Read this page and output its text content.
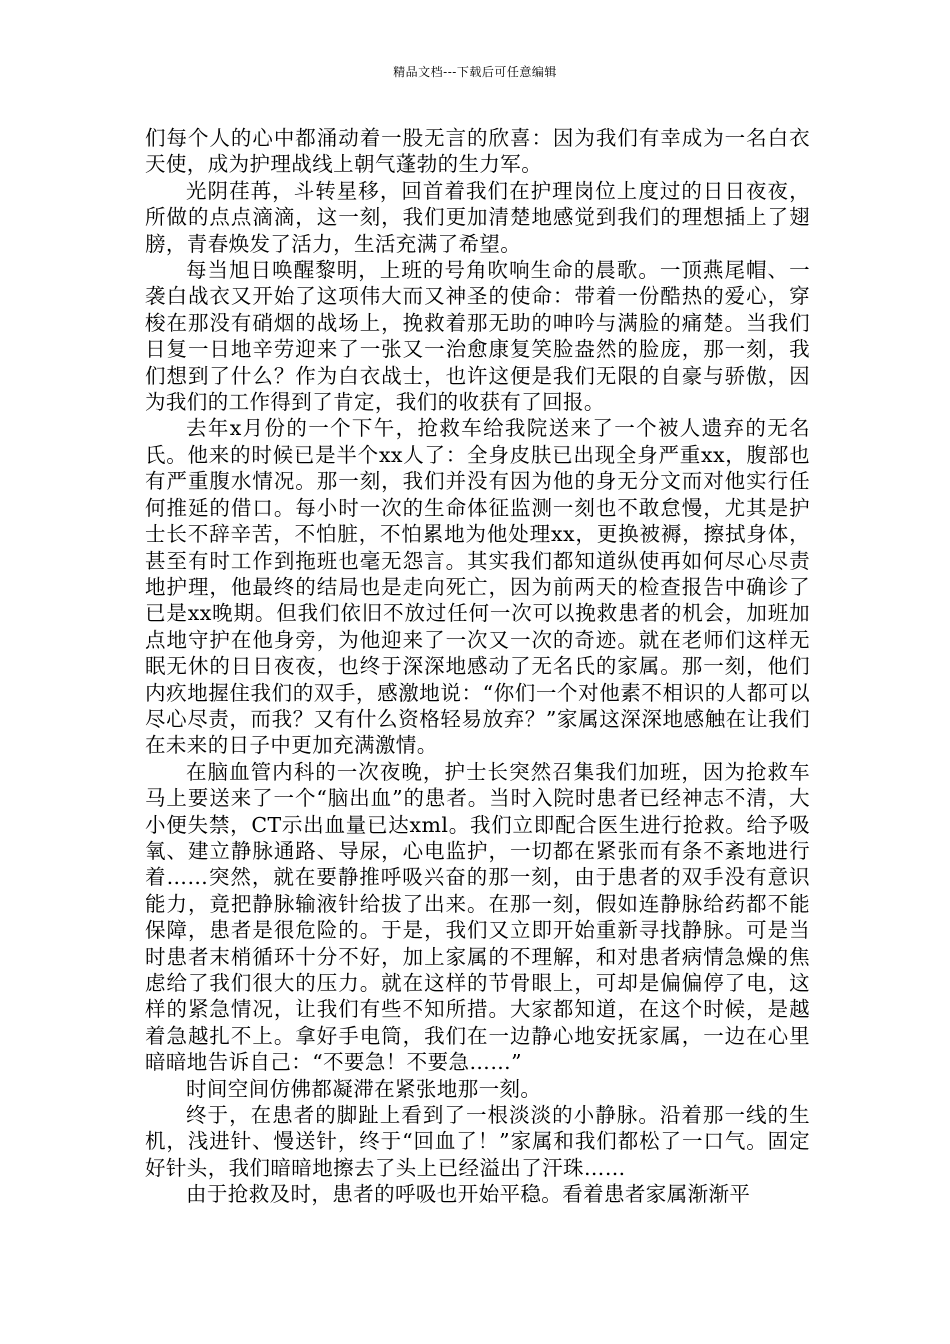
精品文档---下载后可任意编辑

们每个人的心中都涌动着一股无言的欣喜：因为我们有幸成为一名白衣天使，成为护理战线上朝气蓬勃的生力军。

光阴荏苒，斗转星移，回首着我们在护理岗位上度过的日日夜夜，所做的点点滴滴，这一刻，我们更加清楚地感觉到我们的理想插上了翅膀，青春焕发了活力，生活充满了希望。

每当旭日唤醒黎明，上班的号角吹响生命的晨歌。一顶燕尾帽、一袭白战衣又开始了这项伟大而又神圣的使命：带着一份酷热的爱心，穿梭在那没有硝烟的战场上，挽救着那无助的呻吟与满脸的痛楚。当我们日复一日地辛劳迎来了一张又一治愈康复笑脸盎然的脸庞，那一刻，我们想到了什么？作为白衣战士，也许这便是我们无限的自豪与骄傲，因为我们的工作得到了肯定，我们的收获有了回报。

去年x月份的一个下午，抢救车给我院送来了一个被人遗弃的无名氏。他来的时候已是半个xx人了：全身皮肤已出现全身严重xx，腹部也有严重腹水情况。那一刻，我们并没有因为他的身无分文而对他实行任何推延的借口。每小时一次的生命体征监测一刻也不敢怠慢，尤其是护士长不辞辛苦，不怕脏，不怕累地为他处理xx，更换被褥，擦拭身体，甚至有时工作到拖班也毫无怨言。其实我们都知道纵使再如何尽心尽责地护理，他最终的结局也是走向死亡，因为前两天的检查报告中确诊了已是xx晚期。但我们依旧不放过任何一次可以挽救患者的机会，加班加点地守护在他身旁，为他迎来了一次又一次的奇迹。就在老师们这样无眠无休的日日夜夜，也终于深深地感动了无名氏的家属。那一刻，他们内疚地握住我们的双手，感激地说：“你们一个对他素不相识的人都可以尽心尽责，而我？又有什么资格轻易放弃？”家属这深深地感触在让我们在未来的日子中更加充满激情。

在脑血管内科的一次夜晚，护士长突然召集我们加班，因为抢救车马上要送来了一个“脑出血”的患者。当时入院时患者已经神志不清，大小便失禁，CT示出血量已达xml。我们立即配合医生进行抢救。给予吸氧、建立静脉通路、导尿，心电监护，一切都在紧张而有条不紊地进行着……突然，就在要静推呼吸兴奋的那一刻，由于患者的双手没有意识能力，竟把静脉输液针给拔了出来。在那一刻，假如连静脉给药都不能保障，患者是很危险的。于是，我们又立即开始重新寻找静脉。可是当时患者末梢循环十分不好，加上家属的不理解，和对患者病情急燥的焦虑给了我们很大的压力。就在这样的节骨眼上，可却是偏偏停了电，这样的紧急情况，让我们有些不知所措。大家都知道，在这个时候，是越着急越扎不上。拿好手电筒，我们在一边静心地安抚家属，一边在心里暗暗地告诉自己：“不要急！不要急……”

时间空间仿佛都凝滞在紧张地那一刻。

终于，在患者的脚趾上看到了一根淡淡的小静脉。沿着那一线的生机，浅进针、慢送针，终于“回血了！”家属和我们都松了一口气。固定好针头，我们暗暗地擦去了头上已经溢出了汗珠……

由于抢救及时，患者的呼吸也开始平稳。看着患者家属渐渐平
